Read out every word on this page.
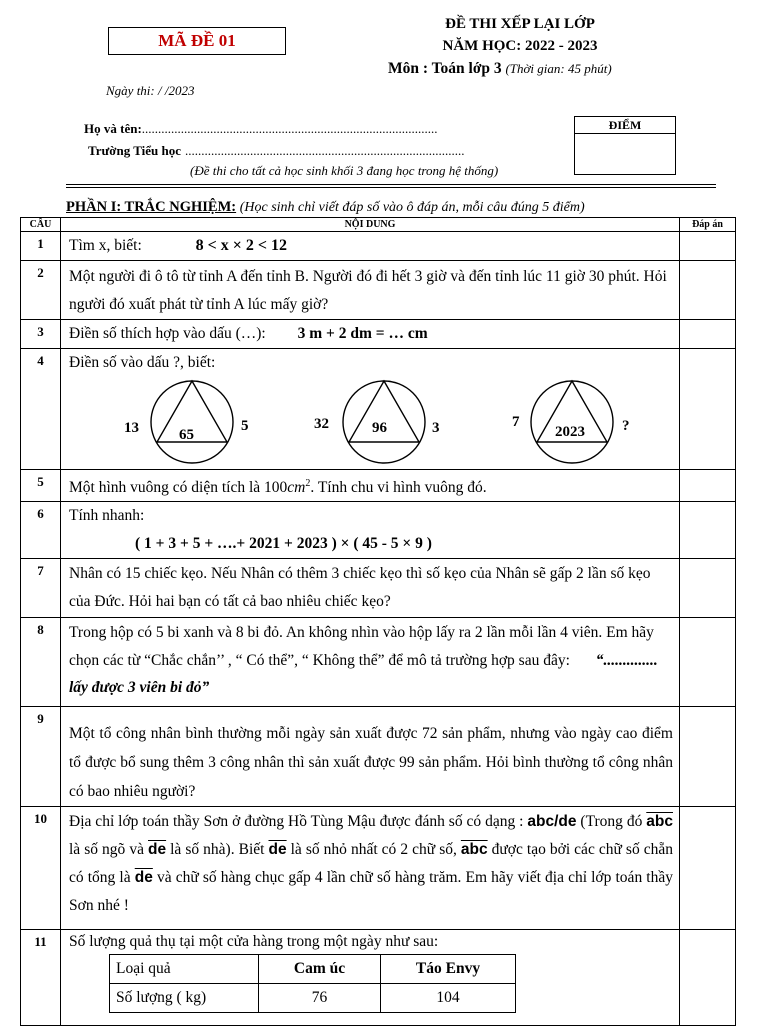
MÃ ĐỀ 01
ĐỀ THI XẾP LẠI LỚP
NĂM HỌC: 2022 - 2023
Môn : Toán lớp 3 (Thời gian: 45 phút)
Ngày thi: / /2023
Họ và tên:...........................................................................................
Trường Tiểu học ......................................................................................
ĐIỂM
(Đề thi cho tất cả học sinh khối 3 đang học trong hệ thống)
PHẦN I: TRẮC NGHIỆM: (Học sinh chỉ viết đáp số vào ô đáp án, mỗi câu đúng 5 điểm)
CÂU	NỘI DUNG	Đáp án
1	Tìm x, biết:	8 < x × 2 < 12	
2	Một người đi ô tô từ tỉnh A đến tỉnh B. Người đó đi hết 3 giờ và đến tỉnh lúc 11 giờ 30 phút. Hỏi người đó xuất phát từ tỉnh A lúc mấy giờ?	
3	Điền số thích hợp vào dấu (…): 3 m + 2 dm = … cm	
4	Điền số vào dấu ?, biết:
13	65
5	32	96	3	7
2023 ?

5	Một hình vuông có diện tích là $100cm^2$. Tính chu vi hình vuông đó.	
6	Tính nhanh:
( 1 + 3 + 5 + ….+ 2021 + 2023 ) × ( 45 - 5 × 9 )

7	Nhân có 15 chiếc kẹo. Nếu Nhân có thêm 3 chiếc kẹo thì số kẹo của Nhân sẽ gấp 2 lần số kẹo của Đức. Hỏi hai bạn có tất cả bao nhiêu chiếc kẹo?	
8	Trong hộp có 5 bi xanh và 8 bi đỏ. An không nhìn vào hộp lấy ra 2 lần mỗi lần 4 viên. Em hãy chọn các từ “Chắc chắn’’ , “ Có thể”, “ Không thể” để mô tả trường hợp sau đây: “.............. lấy được 3 viên bi đỏ”	
9	Một tổ công nhân bình thường mỗi ngày sản xuất được 72 sản phẩm, nhưng vào ngày cao điểm tổ được bổ sung thêm 3 công nhân thì sản xuất được 99 sản phẩm. Hỏi bình thường tổ công nhân có bao nhiêu người?	
10	Địa chỉ lớp toán thầy Sơn ở đường Hồ Tùng Mậu được đánh số có dạng : abc/de (Trong đó $\overline{abc}$ là số ngõ và $\overline{de}$ là số nhà). Biết $\overline{de}$ là số nhỏ nhất có 2 chữ số, $\overline{abc}$ được tạo bởi các chữ số chẵn có tổng là $\overline{de}$ và chữ số hàng chục gấp 4 lần chữ số hàng trăm. Em hãy viết địa chỉ lớp toán thầy Sơn nhé !	
11	Số lượng quả thụ tại một cửa hàng trong một ngày như sau:
Loại quả	Cam úc	Táo Envy
Số lượng ( kg)	76	104
